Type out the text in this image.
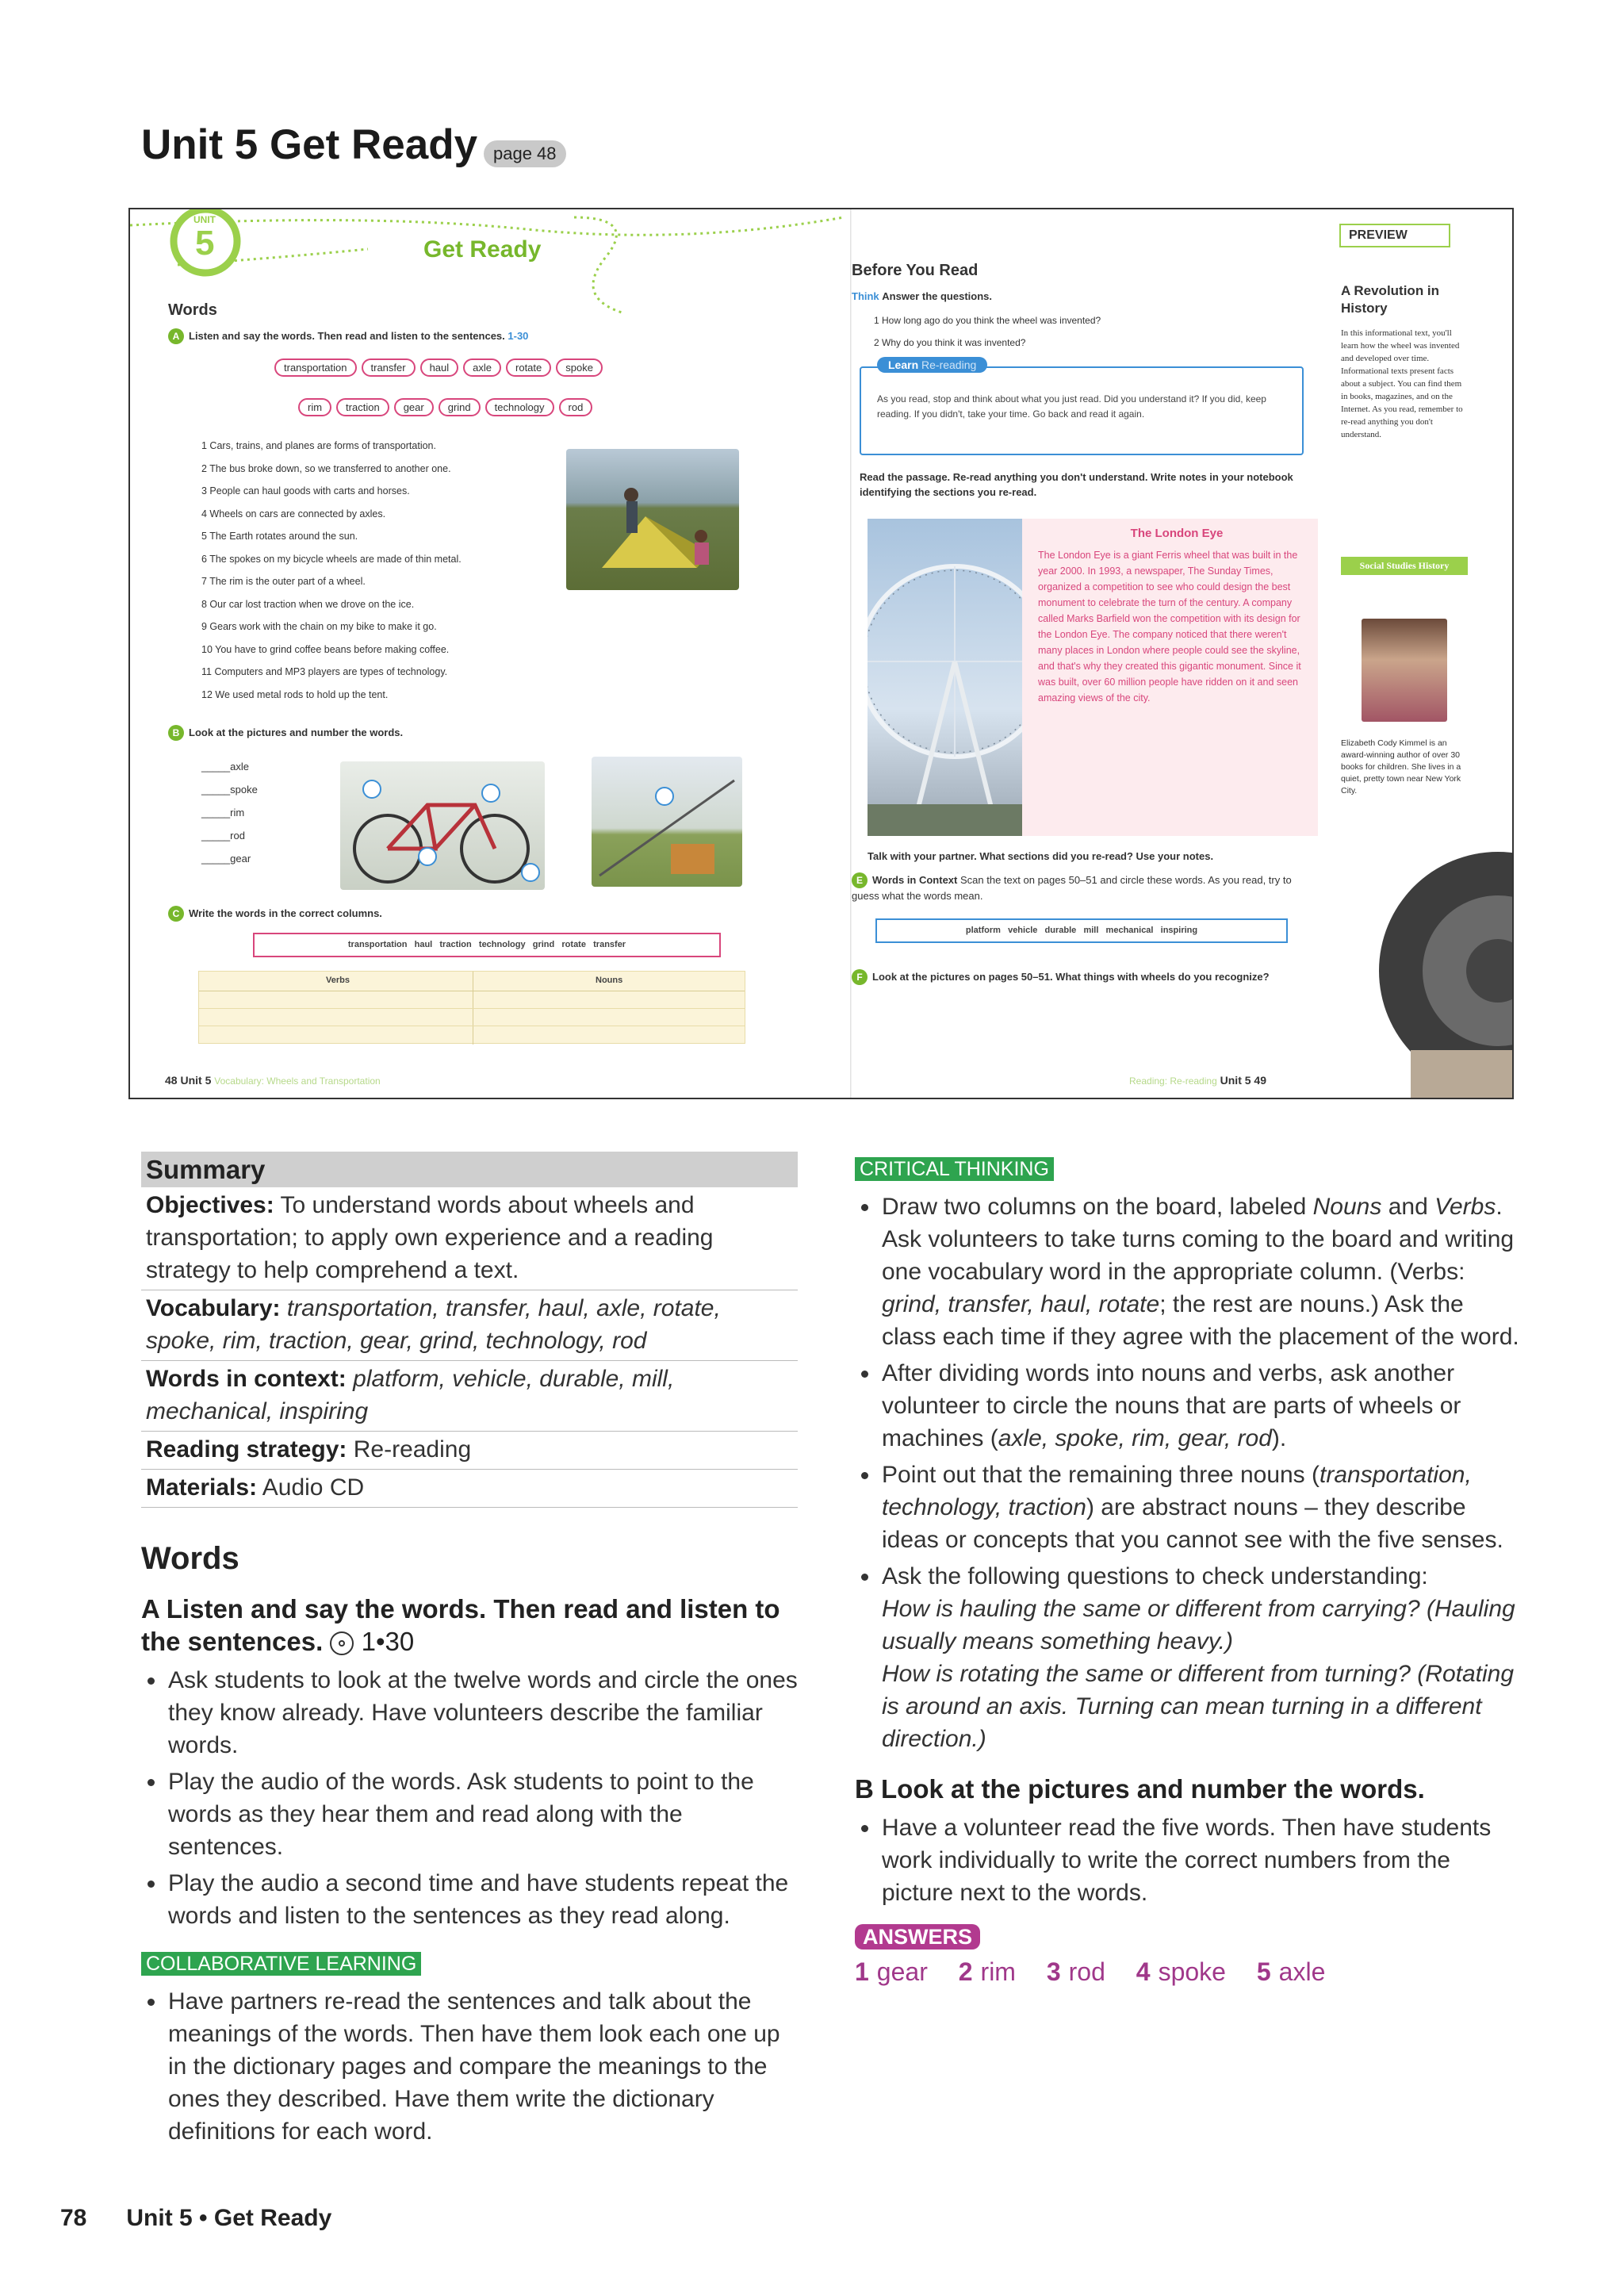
Unit 5 Get Ready page 48
UNIT
5	Get Ready
Words
A Listen and say the words. Then read and listen to the sentences. 1-30
transportation transfer haul axle rotate spoke
rim traction gear grind technology rod
1 Cars, trains, and planes are forms of transportation.
2 The bus broke down, so we transferred to another one.
3 People can haul goods with carts and horses.
4 Wheels on cars are connected by axles.
5 The Earth rotates around the sun.
6 The spokes on my bicycle wheels are made of thin metal.
7 The rim is the outer part of a wheel.
8 Our car lost traction when we drove on the ice.
9 Gears work with the chain on my bike to make it go.
10 You have to grind coffee beans before making coffee.
11 Computers and MP3 players are types of technology.
12 We used metal rods to hold up the tent.
B Look at the pictures and number the words.
_____axle
_____spoke
_____rim
_____rod
_____gear
C Write the words in the correct columns.
transportation   haul   traction   technology   grind   rotate   transfer
Verbs	Nouns
48 Unit 5 Vocabulary: Wheels and Transportation
Before You Read
Think Answer the questions.
1 How long ago do you think the wheel was invented?
2 Why do you think it was invented?
Learn Re-reading
As you read, stop and think about what you just read. Did you understand it? If you did, keep reading. If you didn't, take your time. Go back and read it again.
Read the passage. Re-read anything you don't understand. Write notes in your notebook identifying the sections you re-read.
The London Eye
The London Eye is a giant Ferris wheel that was built in the year 2000. In 1993, a newspaper, The Sunday Times, organized a competition to see who could design the best monument to celebrate the turn of the century. A company called Marks Barfield won the competition with its design for the London Eye. The company noticed that there weren't many places in London where people could see the skyline, and that's why they created this gigantic monument. Since it was built, over 60 million people have ridden on it and seen amazing views of the city.
Talk with your partner. What sections did you re-read? Use your notes.
E Words in Context Scan the text on pages 50–51 and circle these words. As you read, try to guess what the words mean.
platform   vehicle   durable   mill   mechanical   inspiring
F Look at the pictures on pages 50–51. What things with wheels do you recognize?
Reading: Re-reading Unit 5 49
PREVIEW
A Revolution in History
In this informational text, you'll learn how the wheel was invented and developed over time. Informational texts present facts about a subject. You can find them in books, magazines, and on the Internet. As you read, remember to re-read anything you don't understand.
Social Studies History
Elizabeth Cody Kimmel is an award-winning author of over 30 books for children. She lives in a quiet, pretty town near New York City.
Summary
Objectives: To understand words about wheels and transportation; to apply own experience and a reading strategy to help comprehend a text.
Vocabulary: transportation, transfer, haul, axle, rotate, spoke, rim, traction, gear, grind, technology, rod
Words in context: platform, vehicle, durable, mill, mechanical, inspiring
Reading strategy: Re-reading
Materials: Audio CD
Words
A Listen and say the words. Then read and listen to the sentences. 1•30
Ask students to look at the twelve words and circle the ones they know already. Have volunteers describe the familiar words.
Play the audio of the words. Ask students to point to the words as they hear them and read along with the sentences.
Play the audio a second time and have students repeat the words and listen to the sentences as they read along.
COLLABORATIVE LEARNING
Have partners re-read the sentences and talk about the meanings of the words. Then have them look each one up in the dictionary pages and compare the meanings to the ones they described. Have them write the dictionary definitions for each word.
CRITICAL THINKING
Draw two columns on the board, labeled Nouns and Verbs. Ask volunteers to take turns coming to the board and writing one vocabulary word in the appropriate column. (Verbs: grind, transfer, haul, rotate; the rest are nouns.) Ask the class each time if they agree with the placement of the word.
After dividing words into nouns and verbs, ask another volunteer to circle the nouns that are parts of wheels or machines (axle, spoke, rim, gear, rod).
Point out that the remaining three nouns (transportation, technology, traction) are abstract nouns – they describe ideas or concepts that you cannot see with the five senses.
Ask the following questions to check understanding:
How is hauling the same or different from carrying? (Hauling usually means something heavy.)
How is rotating the same or different from turning? (Rotating is around an axis. Turning can mean turning in a different direction.)
B Look at the pictures and number the words.
Have a volunteer read the five words. Then have students work individually to write the correct numbers from the picture next to the words.
ANSWERS
1 gear 2 rim 3 rod 4 spoke 5 axle
78 Unit 5 • Get Ready
